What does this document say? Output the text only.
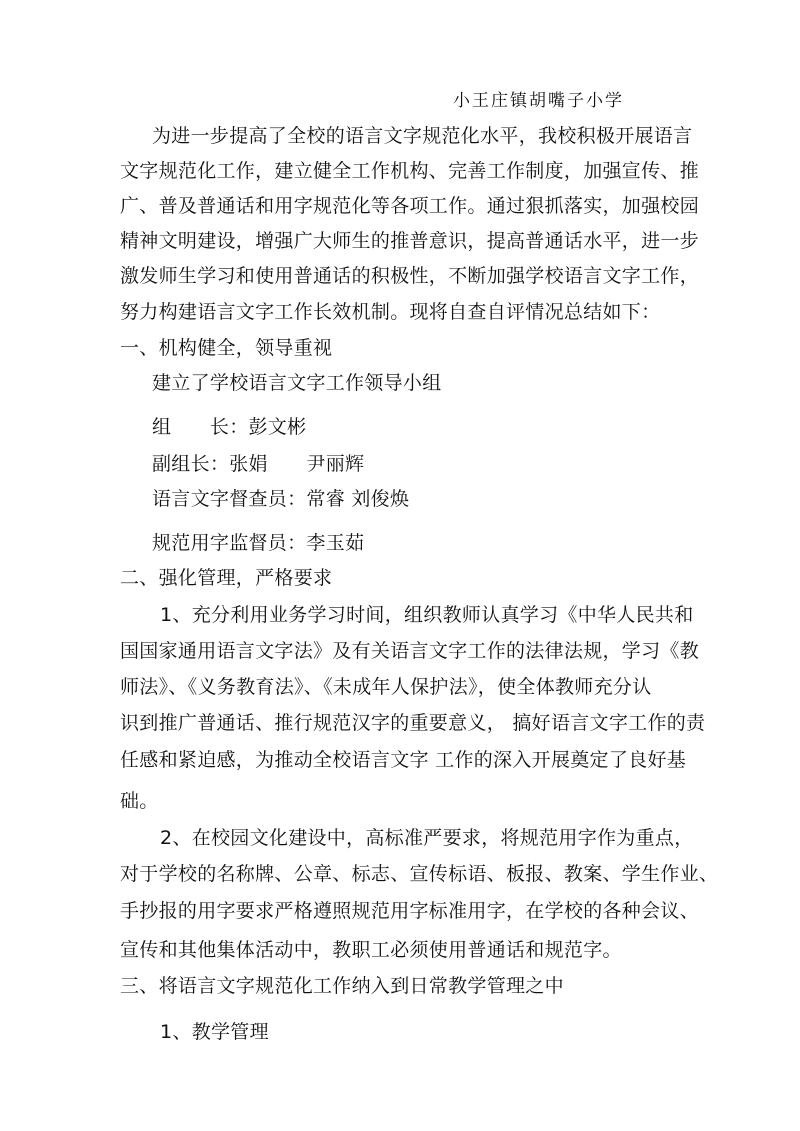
小王庄镇胡嘴子小学
为进一步提高了全校的语言文字规范化水平，我校积极开展语言
文字规范化工作，建立健全工作机构、完善工作制度，加强宣传、推
广、普及普通话和用字规范化等各项工作。通过狠抓落实，加强校园
精神文明建设，增强广大师生的推普意识，提高普通话水平，进一步
激发师生学习和使用普通话的积极性，不断加强学校语言文字工作，
努力构建语言文字工作长效机制。现将自查自评情况总结如下：
一、机构健全，领导重视
建立了学校语言文字工作领导小组
组　　长：彭文彬
副组长：张娟　　尹丽辉
语言文字督查员：常睿 刘俊焕
规范用字监督员：李玉茹
二、强化管理，严格要求
1、充分利用业务学习时间，组织教师认真学习《中华人民共和
国国家通用语言文字法》及有关语言文字工作的法律法规，学习《教
师法》、《义务教育法》、《未成年人保护法》，使全体教师充分认
识到推广普通话、推行规范汉字的重要意义， 搞好语言文字工作的责
任感和紧迫感，为推动全校语言文字 工作的深入开展奠定了良好基
础。
2、在校园文化建设中，高标准严要求，将规范用字作为重点，
对于学校的名称牌、公章、标志、宣传标语、板报、教案、学生作业、
手抄报的用字要求严格遵照规范用字标准用字，在学校的各种会议、
宣传和其他集体活动中，教职工必须使用普通话和规范字。
三、将语言文字规范化工作纳入到日常教学管理之中
1、教学管理
